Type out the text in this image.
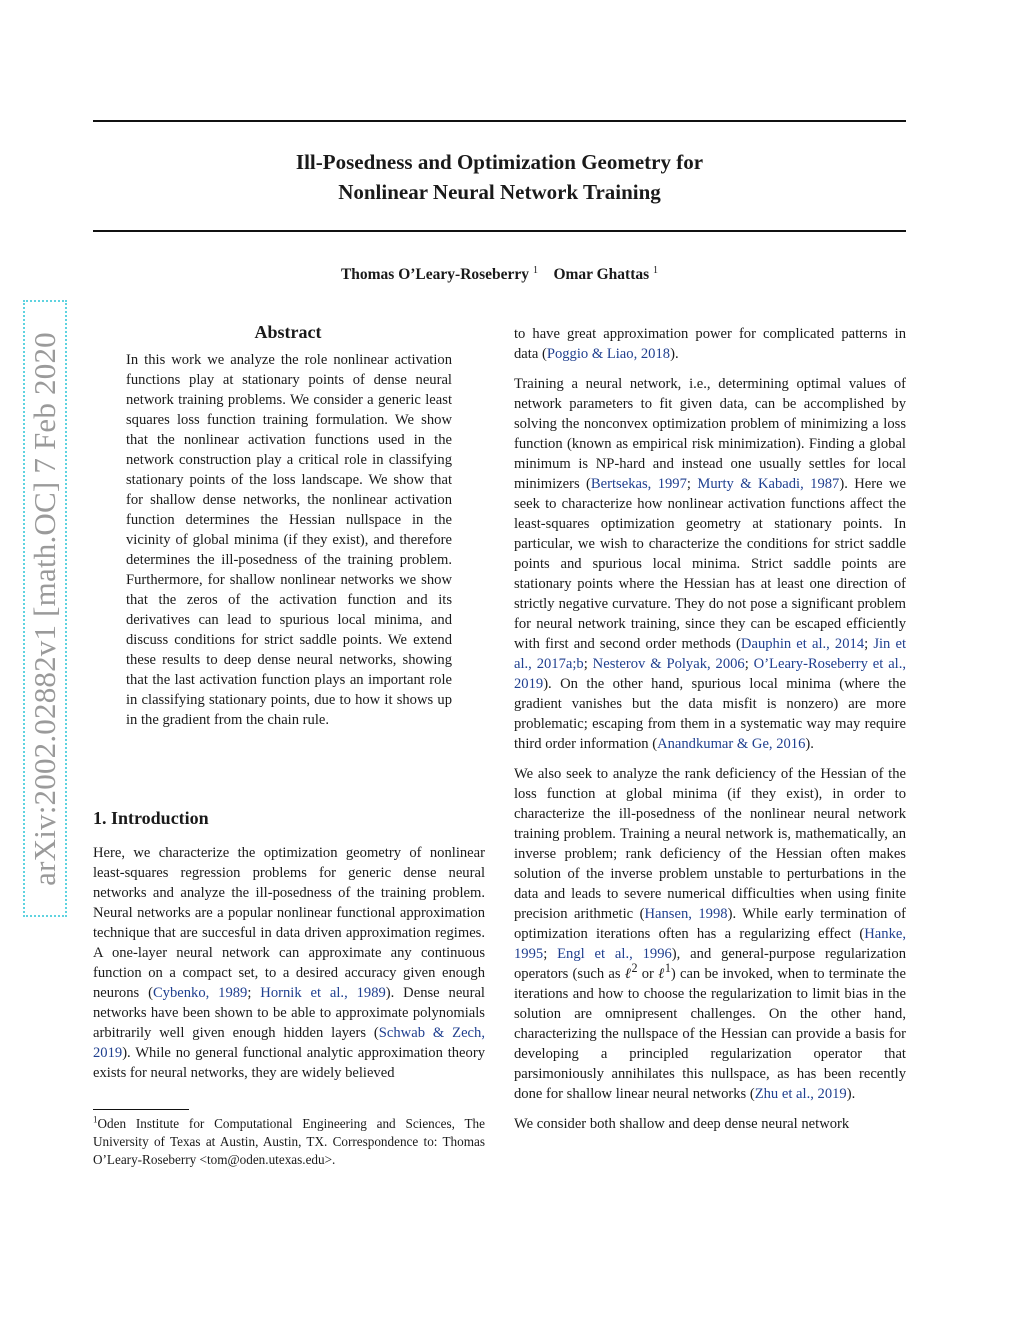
Ill-Posedness and Optimization Geometry for
Nonlinear Neural Network Training
Thomas O’Leary-Roseberry $^1$ Omar Ghattas $^1$
arXiv:2002.02882v1 [math.OC] 7 Feb 2020	Abstract
In this work we analyze the role nonlinear activation functions play at stationary points of dense neural network training problems. We consider a generic least squares loss function training formulation. We show that the nonlinear activation functions used in the network construction play a critical role in classifying stationary points of the loss landscape. We show that for shallow dense networks, the nonlinear activation function determines the Hessian nullspace in the vicinity of global minima (if they exist), and therefore determines the ill-posedness of the training problem. Furthermore, for shallow nonlinear networks we show that the zeros of the activation function and its derivatives can lead to spurious local minima, and discuss conditions for strict saddle points. We extend these results to deep dense neural networks, showing that the last activation function plays an important role in classifying stationary points, due to how it shows up in the gradient from the chain rule.
1. Introduction
Here, we characterize the optimization geometry of nonlinear least-squares regression problems for generic dense neural networks and analyze the ill-posedness of the training problem. Neural networks are a popular nonlinear functional approximation technique that are succesful in data driven approximation regimes. A one-layer neural network can approximate any continuous function on a compact set, to a desired accuracy given enough neurons (Cybenko, 1989; Hornik et al., 1989). Dense neural networks have been shown to be able to approximate polynomials arbitrarily well given enough hidden layers (Schwab & Zech, 2019). While no general functional analytic approximation theory exists for neural networks, they are widely believed
$^1$Oden Institute for Computational Engineering and Sciences, The University of Texas at Austin, Austin, TX. Correspondence to: Thomas O’Leary-Roseberry <tom@oden.utexas.edu>.

to have great approximation power for complicated patterns in data (Poggio & Liao, 2018).

Training a neural network, i.e., determining optimal values of network parameters to fit given data, can be accomplished by solving the nonconvex optimization problem of minimizing a loss function (known as empirical risk minimization). Finding a global minimum is NP-hard and instead one usually settles for local minimizers (Bertsekas, 1997; Murty & Kabadi, 1987). Here we seek to characterize how nonlinear activation functions affect the least-squares optimization geometry at stationary points. In particular, we wish to characterize the conditions for strict saddle points and spurious local minima. Strict saddle points are stationary points where the Hessian has at least one direction of strictly negative curvature. They do not pose a significant problem for neural network training, since they can be escaped efficiently with first and second order methods (Dauphin et al., 2014; Jin et al., 2017a;b; Nesterov & Polyak, 2006; O’Leary-Roseberry et al., 2019). On the other hand, spurious local minima (where the gradient vanishes but the data misfit is nonzero) are more problematic; escaping from them in a systematic way may require third order information (Anandkumar & Ge, 2016).

We also seek to analyze the rank deficiency of the Hessian of the loss function at global minima (if they exist), in order to characterize the ill-posedness of the nonlinear neural network training problem. Training a neural network is, mathematically, an inverse problem; rank deficiency of the Hessian often makes solution of the inverse problem unstable to perturbations in the data and leads to severe numerical difficulties when using finite precision arithmetic (Hansen, 1998). While early termination of optimization iterations often has a regularizing effect (Hanke, 1995; Engl et al., 1996), and general-purpose regularization operators (such as ℓ$^2$ or ℓ$^1$) can be invoked, when to terminate the iterations and how to choose the regularization to limit bias in the solution are omnipresent challenges. On the other hand, characterizing the nullspace of the Hessian can provide a basis for developing a principled regularization operator that parsimoniously annihilates this nullspace, as has been recently done for shallow linear neural networks (Zhu et al., 2019).

We consider both shallow and deep dense neural network
